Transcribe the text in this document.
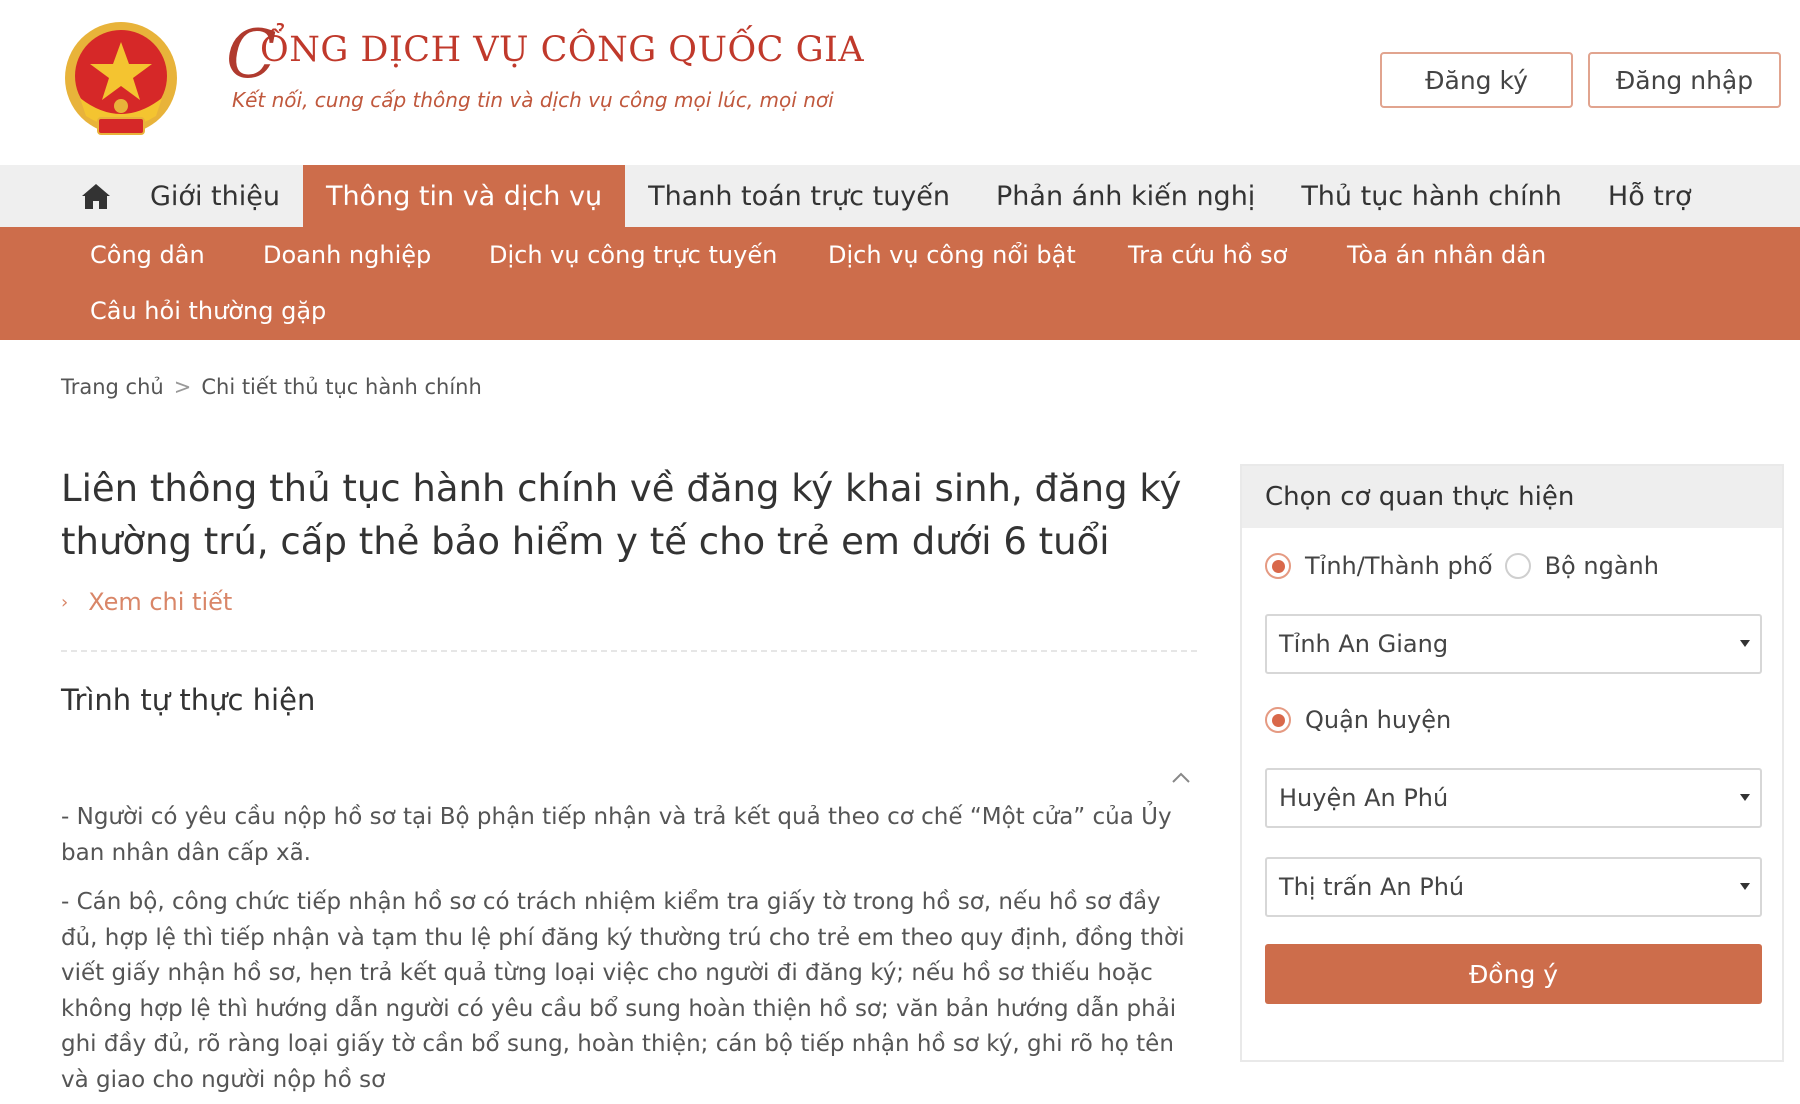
C
ỔNG DỊCH VỤ CÔNG QUỐC GIA
Kết nối, cung cấp thông tin và dịch vụ công mọi lúc, mọi nơi
Đăng ký	Đăng nhập
Giới thiệu	Thông tin và dịch vụ	Thanh toán trực tuyến	Phản ánh kiến nghị	Thủ tục hành chính	Hỗ trợ
Công dân Doanh nghiệp Dịch vụ công trực tuyến Dịch vụ công nổi bật Tra cứu hồ sơ Tòa án nhân dân
Câu hỏi thường gặp
Trang chủ > Chi tiết thủ tục hành chính
Liên thông thủ tục hành chính về đăng ký khai sinh, đăng ký thường trú, cấp thẻ bảo hiểm y tế cho trẻ em dưới 6 tuổi
› Xem chi tiết
Trình tự thực hiện
- Người có yêu cầu nộp hồ sơ tại Bộ phận tiếp nhận và trả kết quả theo cơ chế “Một cửa” của Ủy ban nhân dân cấp xã.
- Cán bộ, công chức tiếp nhận hồ sơ có trách nhiệm kiểm tra giấy tờ trong hồ sơ, nếu hồ sơ đầy đủ, hợp lệ thì tiếp nhận và tạm thu lệ phí đăng ký thường trú cho trẻ em theo quy định, đồng thời viết giấy nhận hồ sơ, hẹn trả kết quả từng loại việc cho người đi đăng ký; nếu hồ sơ thiếu hoặc không hợp lệ thì hướng dẫn người có yêu cầu bổ sung hoàn thiện hồ sơ; văn bản hướng dẫn phải ghi đầy đủ, rõ ràng loại giấy tờ cần bổ sung, hoàn thiện; cán bộ tiếp nhận hồ sơ ký, ghi rõ họ tên và giao cho người nộp hồ sơ
Chọn cơ quan thực hiện
Tỉnh/Thành phố Bộ ngành
Tỉnh An Giang
Quận huyện
Huyện An Phú
Thị trấn An Phú
Đồng ý
